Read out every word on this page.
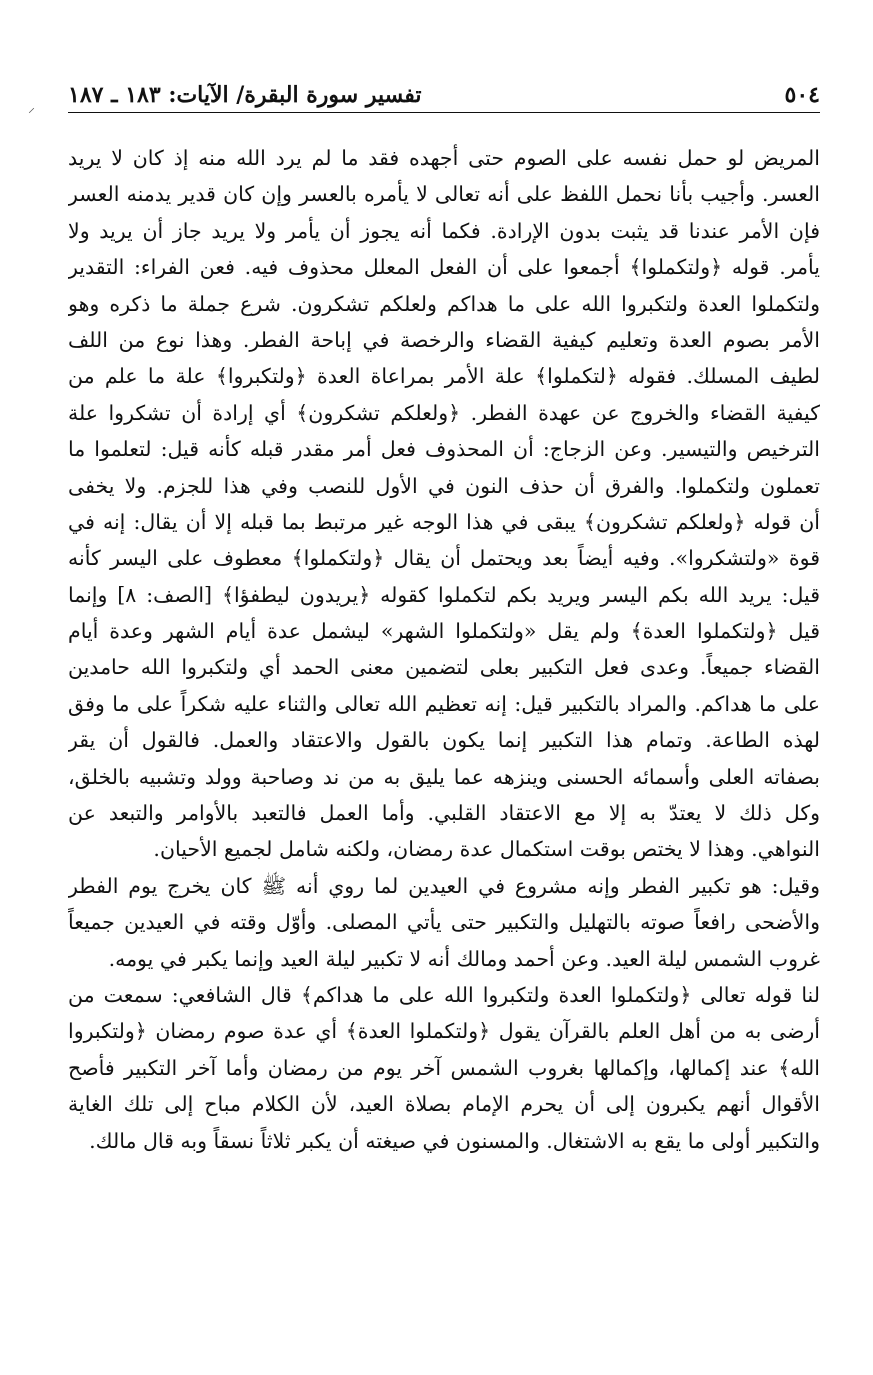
٥٠٤
تفسير سورة البقرة/ الآيات: ١٨٣ ـ ١٨٧
⸝
المريض لو حمل نفسه على الصوم حتى أجهده فقد ما لم يرد الله منه إذ كان لا يريد
العسر. وأجيب بأنا نحمل اللفظ على أنه تعالى لا يأمره بالعسر وإن كان قدير يدمنه العسر
فإن الأمر عندنا قد يثبت بدون الإرادة. فكما أنه يجوز أن يأمر ولا يريد جاز أن يريد ولا
يأمر. قوله ﴿ولتكملوا﴾ أجمعوا على أن الفعل المعلل محذوف فيه. فعن الفراء: التقدير
ولتكملوا العدة ولتكبروا الله على ما هداكم ولعلكم تشكرون. شرع جملة ما ذكره وهو
الأمر بصوم العدة وتعليم كيفية القضاء والرخصة في إباحة الفطر. وهذا نوع من اللف
لطيف المسلك. فقوله ﴿لتكملوا﴾ علة الأمر بمراعاة العدة ﴿ولتكبروا﴾ علة ما علم من
كيفية القضاء والخروج عن عهدة الفطر. ﴿ولعلكم تشكرون﴾ أي إرادة أن تشكروا علة
الترخيص والتيسير. وعن الزجاج: أن المحذوف فعل أمر مقدر قبله كأنه قيل: لتعلموا ما
تعملون ولتكملوا. والفرق أن حذف النون في الأول للنصب وفي هذا للجزم. ولا يخفى
أن قوله ﴿ولعلكم تشكرون﴾ يبقى في هذا الوجه غير مرتبط بما قبله إلا أن يقال: إنه في
قوة «ولتشكروا». وفيه أيضاً بعد ويحتمل أن يقال ﴿ولتكملوا﴾ معطوف على اليسر كأنه
قيل: يريد الله بكم اليسر ويريد بكم لتكملوا كقوله ﴿يريدون ليطفؤا﴾ [الصف: ٨] وإنما
قيل ﴿ولتكملوا العدة﴾ ولم يقل «ولتكملوا الشهر» ليشمل عدة أيام الشهر وعدة أيام
القضاء جميعاً. وعدى فعل التكبير بعلى لتضمين معنى الحمد أي ولتكبروا الله حامدين
على ما هداكم. والمراد بالتكبير قيل: إنه تعظيم الله تعالى والثناء عليه شكراً على ما وفق
لهذه الطاعة. وتمام هذا التكبير إنما يكون بالقول والاعتقاد والعمل. فالقول أن يقر
بصفاته العلى وأسمائه الحسنى وينزهه عما يليق به من ند وصاحبة وولد وتشبيه بالخلق،
وكل ذلك لا يعتدّ به إلا مع الاعتقاد القلبي. وأما العمل فالتعبد بالأوامر والتبعد عن
النواهي. وهذا لا يختص بوقت استكمال عدة رمضان، ولكنه شامل لجميع الأحيان.
وقيل: هو تكبير الفطر وإنه مشروع في العيدين لما روي أنه ﷺ كان يخرج يوم الفطر
والأضحى رافعاً صوته بالتهليل والتكبير حتى يأتي المصلى. وأوّل وقته في العيدين جميعاً
غروب الشمس ليلة العيد. وعن أحمد ومالك أنه لا تكبير ليلة العيد وإنما يكبر في يومه.
لنا قوله تعالى ﴿ولتكملوا العدة ولتكبروا الله على ما هداكم﴾ قال الشافعي: سمعت من
أرضى به من أهل العلم بالقرآن يقول ﴿ولتكملوا العدة﴾ أي عدة صوم رمضان ﴿ولتكبروا
الله﴾ عند إكمالها، وإكمالها بغروب الشمس آخر يوم من رمضان وأما آخر التكبير فأصح
الأقوال أنهم يكبرون إلى أن يحرم الإمام بصلاة العيد، لأن الكلام مباح إلى تلك الغاية
والتكبير أولى ما يقع به الاشتغال. والمسنون في صيغته أن يكبر ثلاثاً نسقاً وبه قال مالك.
